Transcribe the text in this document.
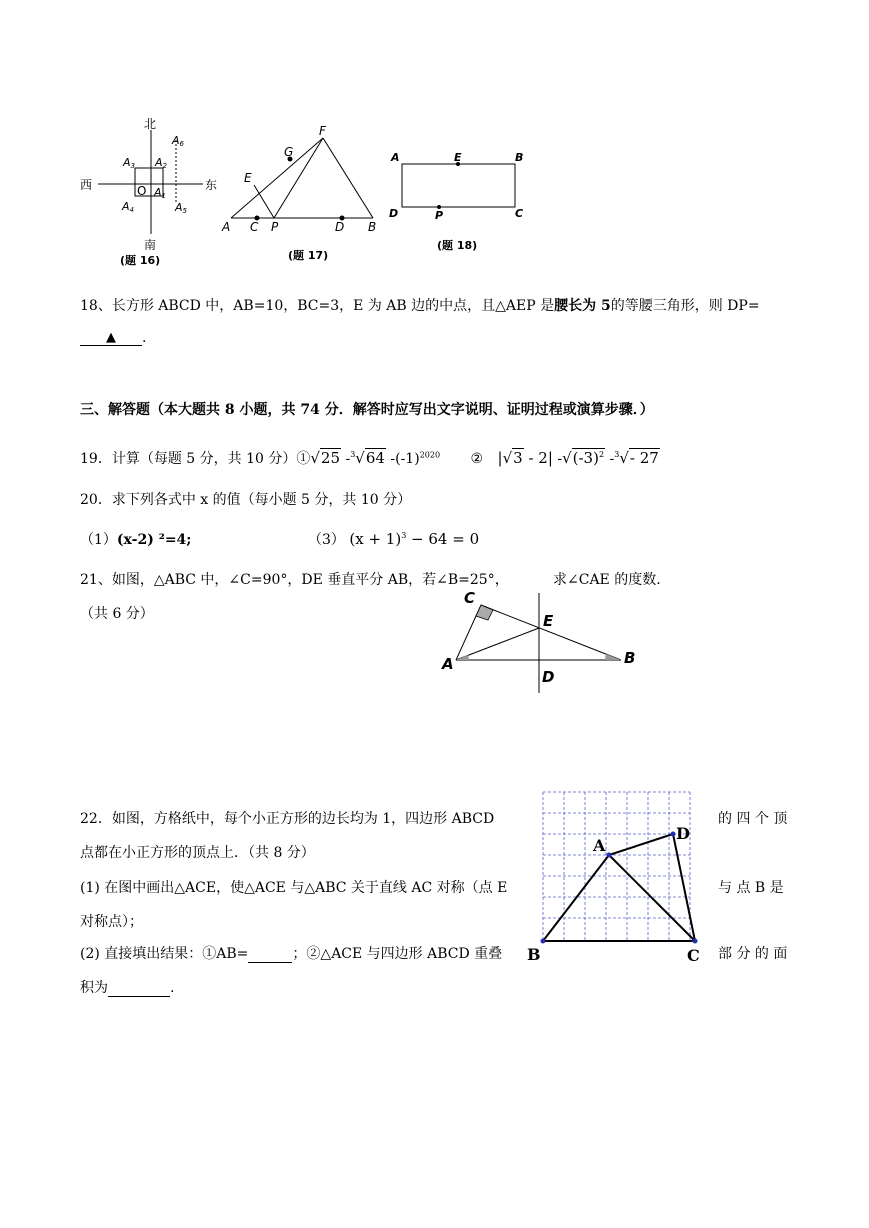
北
南
西	东
O
A3 A2
A4
A1
A5
A6
(题 16)
F
G
E
A C P	D B
(题 17)
A	E	B
D	P	C
(题 18)
18、长方形 ABCD 中，AB=10，BC=3，E 为 AB 边的中点，且△AEP 是腰长为 5的等腰三角形，则 DP=
▲ .
三、解答题（本大题共 8 小题，共 74 分．解答时应写出文字说明、证明过程或演算步骤．）
19．计算（每题 5 分，共 10 分）①√25 -$^3$√64 $-(-1)^{2020}$ ② |√3 - 2| $-√(-3)^2$ -$^3$√- 27
20．求下列各式中 x 的值（每小题 5 分，共 10 分）
（1）(x-2) ²=4;	（3） $(x + 1)^3 - 64 = 0$
21、如图，△ABC 中，∠C=90°，DE 垂直平分 AB，若∠B=25°，	求∠CAE 的度数.
（共 6 分）
C
E
A	B
D
22．如图，方格纸中，每个小正方形的边长均为 1，四边形 ABCD	的 四 个 顶
点都在小正方形的顶点上．（共 8 分）
(1) 在图中画出△ACE，使△ACE 与△ABC 关于直线 AC 对称（点 E	与 点 B 是
对称点）；
(2) 直接填出结果：①AB=	；②△ACE 与四边形 ABCD 重叠	部 分 的 面
积为	.
A
D
B	C
